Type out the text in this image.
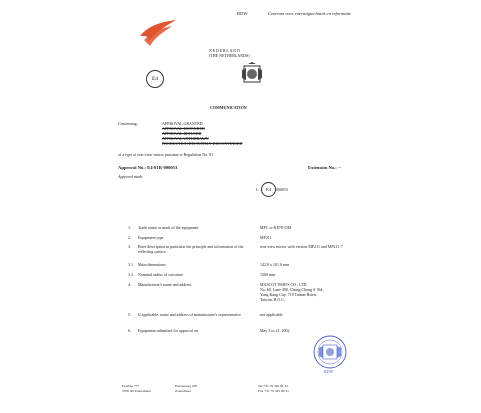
RDW	Centrum voor voertuigtechniek en informatie
NEDERLAND
(THE NETHERLANDS)
E4
COMMUNICATION
Concerning:	APPROVAL GRANTED
APPROVAL EXTENDED
APPROVAL REFUSED
APPROVAL WITHDRAWN
PRODUCTION DEFINITELY DISCONTINUED
of a type of rear-view mirror pursuant to Regulation No. 81
Approval No.: E4-81R-000053	Extension No.: --
Approval mark:
L	E4	000053
1.	Trade name or mark of the equipment	MPC or KENCOM
2.	Equipment type	MP211
3.	Brief description in particular the principle and information of the reflecting surface
rear-view mirror with version MP211 and MP211-7
3.1.	Main dimensions	142.0 x 101.0 mm
3.2.	Nominal radius of curvature	1300 mm
4.	Manufacturer's name and address	MASCOT PARTS CO., LTD.
No. 60, Lane 490, Chung Cheng S. Rd.,
Yung Kang City, 710 Tainan Hsien,
Taiwan, R.O.C.
5.	If applicable, name and address of manufacturer's representative	not applicable
6.	Equipment submitted for approval on	May 3 to 21, 2002
RDW
Postbus 777
3700 AT Zoetermeer
Europaweg 205
Zoetermeer
Tel +31 79 345 81 41
Fax +31 79 345 80 31
